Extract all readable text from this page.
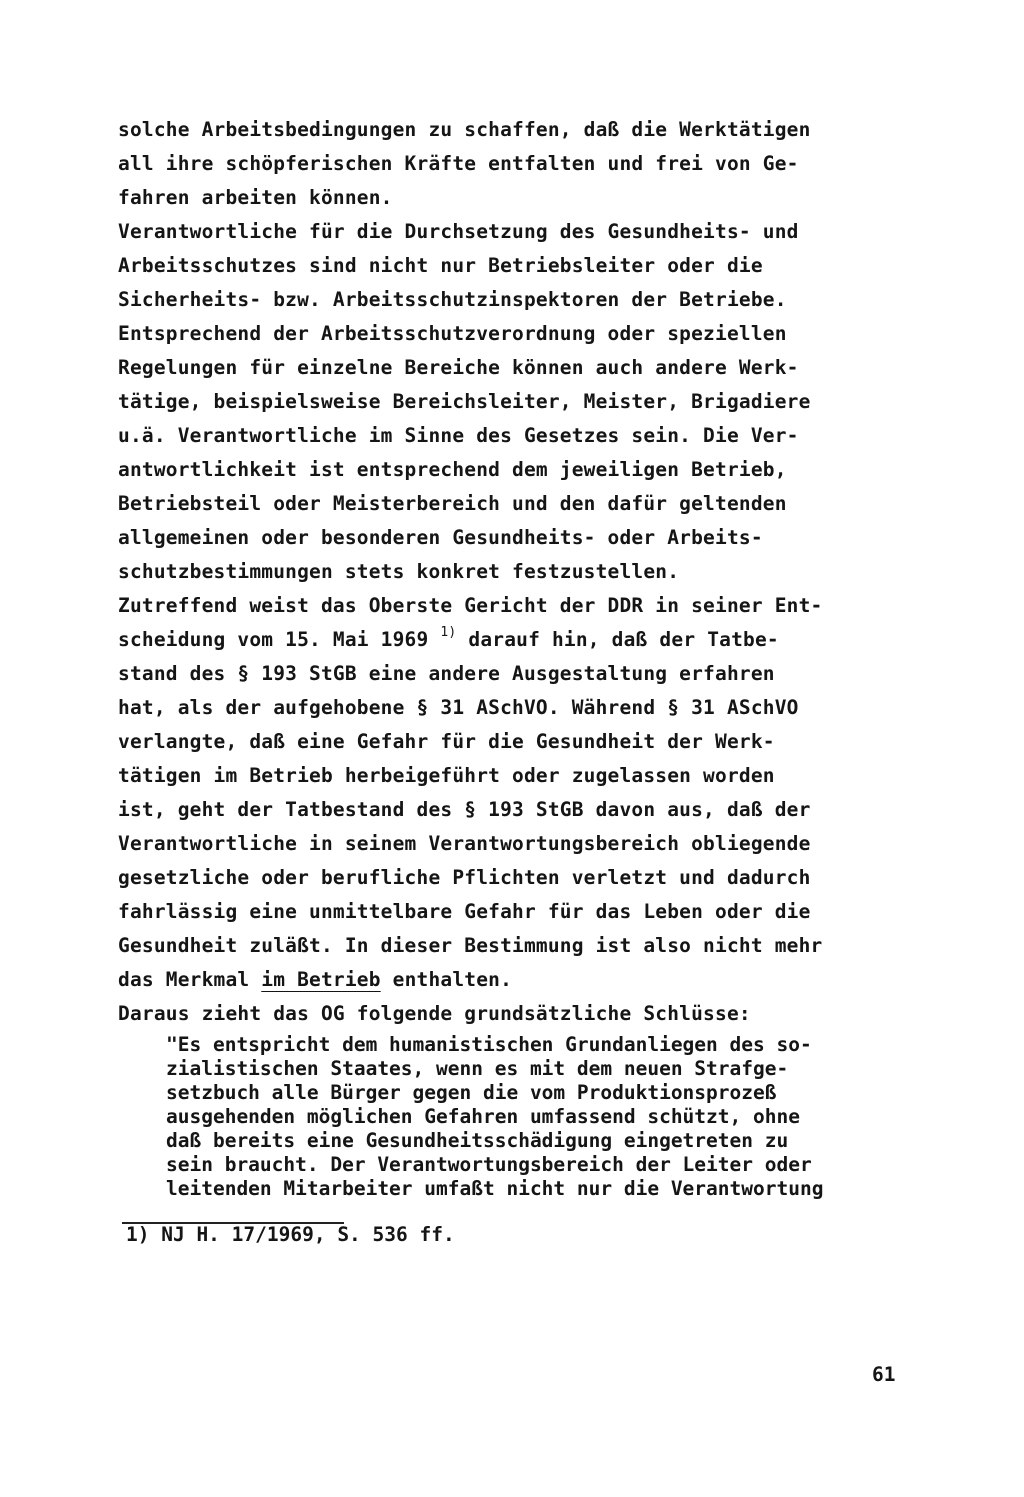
solche Arbeitsbedingungen zu schaffen, daß die Werktätigen
all ihre schöpferischen Kräfte entfalten und frei von Ge-
fahren arbeiten können.
Verantwortliche für die Durchsetzung des Gesundheits- und
Arbeitsschutzes sind nicht nur Betriebsleiter oder die
Sicherheits- bzw. Arbeitsschutzinspektoren der Betriebe.
Entsprechend der Arbeitsschutzverordnung oder speziellen
Regelungen für einzelne Bereiche können auch andere Werk-
tätige, beispielsweise Bereichsleiter, Meister, Brigadiere
u.ä. Verantwortliche im Sinne des Gesetzes sein. Die Ver-
antwortlichkeit ist entsprechend dem jeweiligen Betrieb,
Betriebsteil oder Meisterbereich und den dafür geltenden
allgemeinen oder besonderen Gesundheits- oder Arbeits-
schutzbestimmungen stets konkret festzustellen.
Zutreffend weist das Oberste Gericht der DDR in seiner Ent-
scheidung vom 15. Mai 1969 $^{1)}$ darauf hin, daß der Tatbe-
stand des § 193 StGB eine andere Ausgestaltung erfahren
hat, als der aufgehobene § 31 ASchVO. Während § 31 ASchVO
verlangte, daß eine Gefahr für die Gesundheit der Werk-
tätigen im Betrieb herbeigeführt oder zugelassen worden
ist, geht der Tatbestand des § 193 StGB davon aus, daß der
Verantwortliche in seinem Verantwortungsbereich obliegende
gesetzliche oder berufliche Pflichten verletzt und dadurch
fahrlässig eine unmittelbare Gefahr für das Leben oder die
Gesundheit zuläßt. In dieser Bestimmung ist also nicht mehr
das Merkmal im Betrieb enthalten.
Daraus zieht das OG folgende grundsätzliche Schlüsse:
"Es entspricht dem humanistischen Grundanliegen des so-
zialistischen Staates, wenn es mit dem neuen Strafge-
setzbuch alle Bürger gegen die vom Produktionsprozeß
ausgehenden möglichen Gefahren umfassend schützt, ohne
daß bereits eine Gesundheitsschädigung eingetreten zu
sein braucht. Der Verantwortungsbereich der Leiter oder
leitenden Mitarbeiter umfaßt nicht nur die Verantwortung
1) NJ H. 17/1969, S. 536 ff.
61
